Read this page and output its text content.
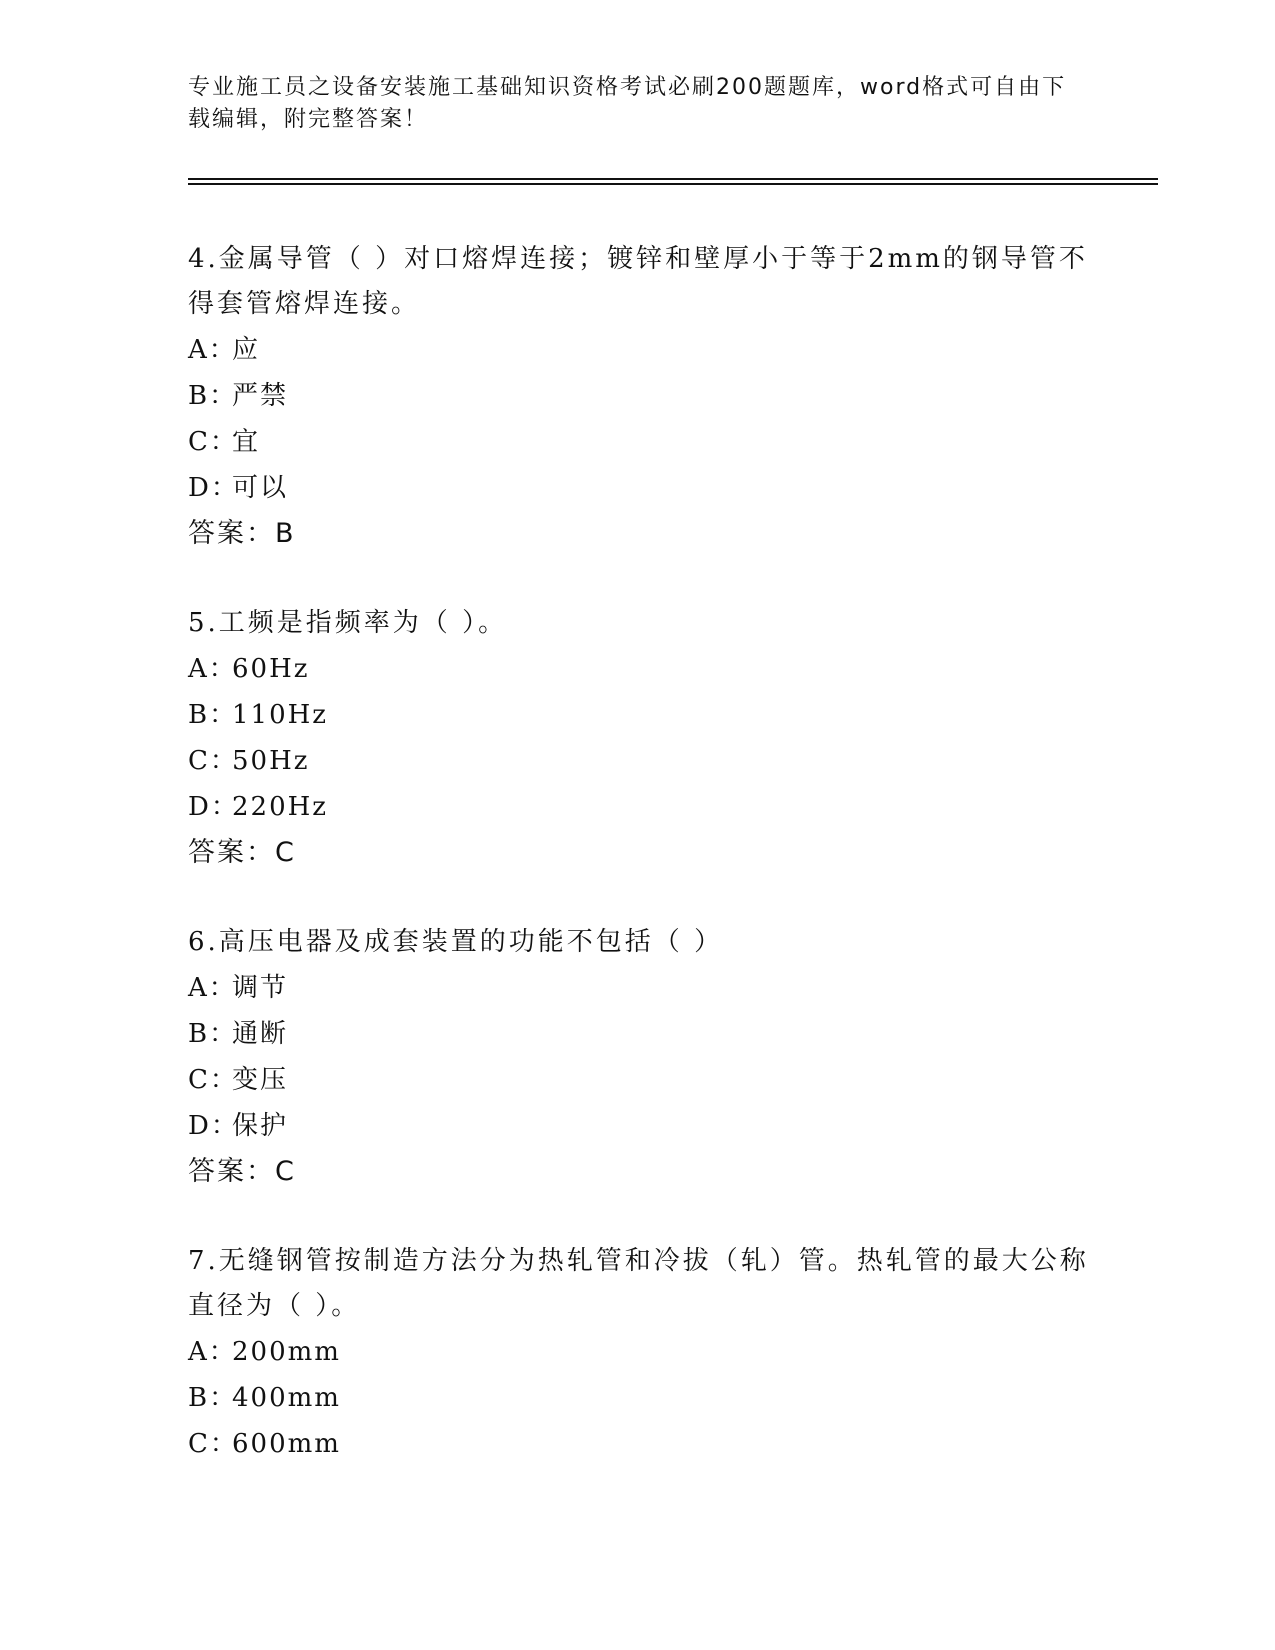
专业施工员之设备安装施工基础知识资格考试必刷200题题库，word格式可自由下载编辑，附完整答案！
4.金属导管（ ）对口熔焊连接；镀锌和壁厚小于等于2mm的钢导管不得套管熔焊连接。
A：
应
B：
严禁
C：
宜
D：
可以
答案：B
5.工频是指频率为（ ）。
A：
60Hz
B：
110Hz
C：
50Hz
D：
220Hz
答案：C
6.高压电器及成套装置的功能不包括（ ）
A：
调节
B：
通断
C：
变压
D：
保护
答案：C
7.无缝钢管按制造方法分为热轧管和冷拔（轧）管。热轧管的最大公称直径为（ ）。
A：
200mm
B：
400mm
C：
600mm
